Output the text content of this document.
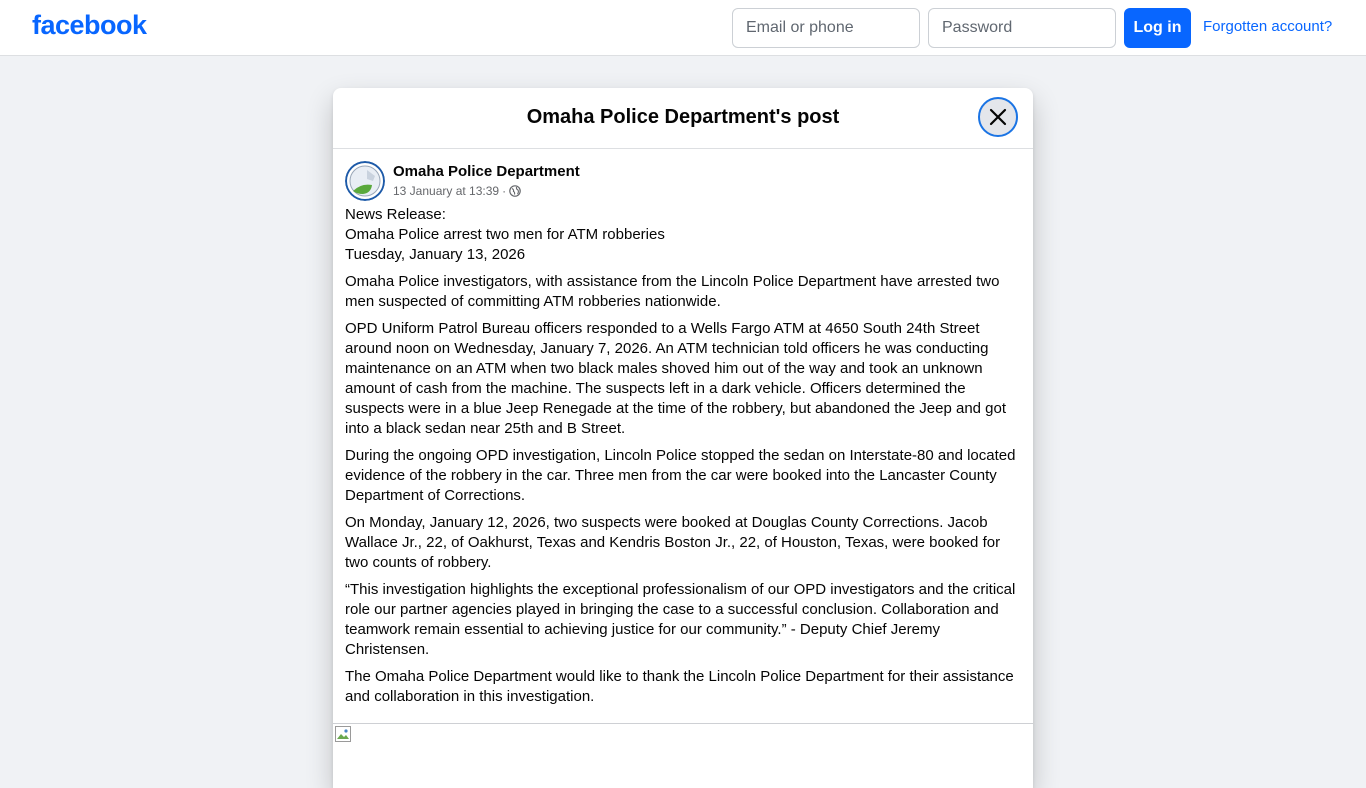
facebook
Email or phone	Log in	Forgotten account?
Omaha Police Department's post
Omaha Police Department
13 January at 13:39 ·

News Release:
Omaha Police arrest two men for ATM robberies
Tuesday, January 13, 2026

Omaha Police investigators, with assistance from the Lincoln Police Department have arrested two men suspected of committing ATM robberies nationwide.

OPD Uniform Patrol Bureau officers responded to a Wells Fargo ATM at 4650 South 24th Street around noon on Wednesday, January 7, 2026. An ATM technician told officers he was conducting maintenance on an ATM when two black males shoved him out of the way and took an unknown amount of cash from the machine. The suspects left in a dark vehicle. Officers determined the suspects were in a blue Jeep Renegade at the time of the robbery, but abandoned the Jeep and got into a black sedan near 25th and B Street.

During the ongoing OPD investigation, Lincoln Police stopped the sedan on Interstate-80 and located evidence of the robbery in the car. Three men from the car were booked into the Lancaster County Department of Corrections.

On Monday, January 12, 2026, two suspects were booked at Douglas County Corrections. Jacob Wallace Jr., 22, of Oakhurst, Texas and Kendris Boston Jr., 22, of Houston, Texas, were booked for two counts of robbery.

“This investigation highlights the exceptional professionalism of our OPD investigators and the critical role our partner agencies played in bringing the case to a successful conclusion. Collaboration and teamwork remain essential to achieving justice for our community.” - Deputy Chief Jeremy Christensen.

The Omaha Police Department would like to thank the Lincoln Police Department for their assistance and collaboration in this investigation.
